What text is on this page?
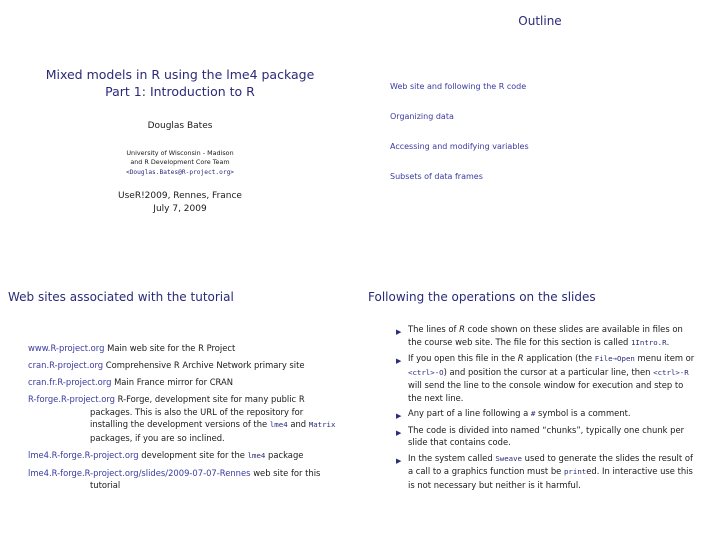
Mixed models in R using the lme4 package
Part 1: Introduction to R
Douglas Bates
University of Wisconsin - Madison
and R Development Core Team
<Douglas.Bates@R-project.org>
UseR!2009, Rennes, France
July 7, 2009
Outline
Web site and following the R code
Organizing data
Accessing and modifying variables
Subsets of data frames
Web sites associated with the tutorial
www.R-project.org Main web site for the R Project
cran.R-project.org Comprehensive R Archive Network primary site
cran.fr.R-project.org Main France mirror for CRAN
R-forge.R-project.org R-Forge, development site for many public R packages. This is also the URL of the repository for installing the development versions of the lme4 and Matrix packages, if you are so inclined.
lme4.R-forge.R-project.org development site for the lme4 package
lme4.R-forge.R-project.org/slides/2009-07-07-Rennes web site for this tutorial
Following the operations on the slides
▶ The lines of R code shown on these slides are available in files on the course web site. The file for this section is called 1Intro.R.
▶ If you open this file in the R application (the File→Open menu item or <ctrl>-O) and position the cursor at a particular line, then <ctrl>-R will send the line to the console window for execution and step to the next line.
▶ Any part of a line following a # symbol is a comment.
▶ The code is divided into named “chunks”, typically one chunk per slide that contains code.
▶ In the system called Sweave used to generate the slides the result of a call to a graphics function must be printed. In interactive use this is not necessary but neither is it harmful.
